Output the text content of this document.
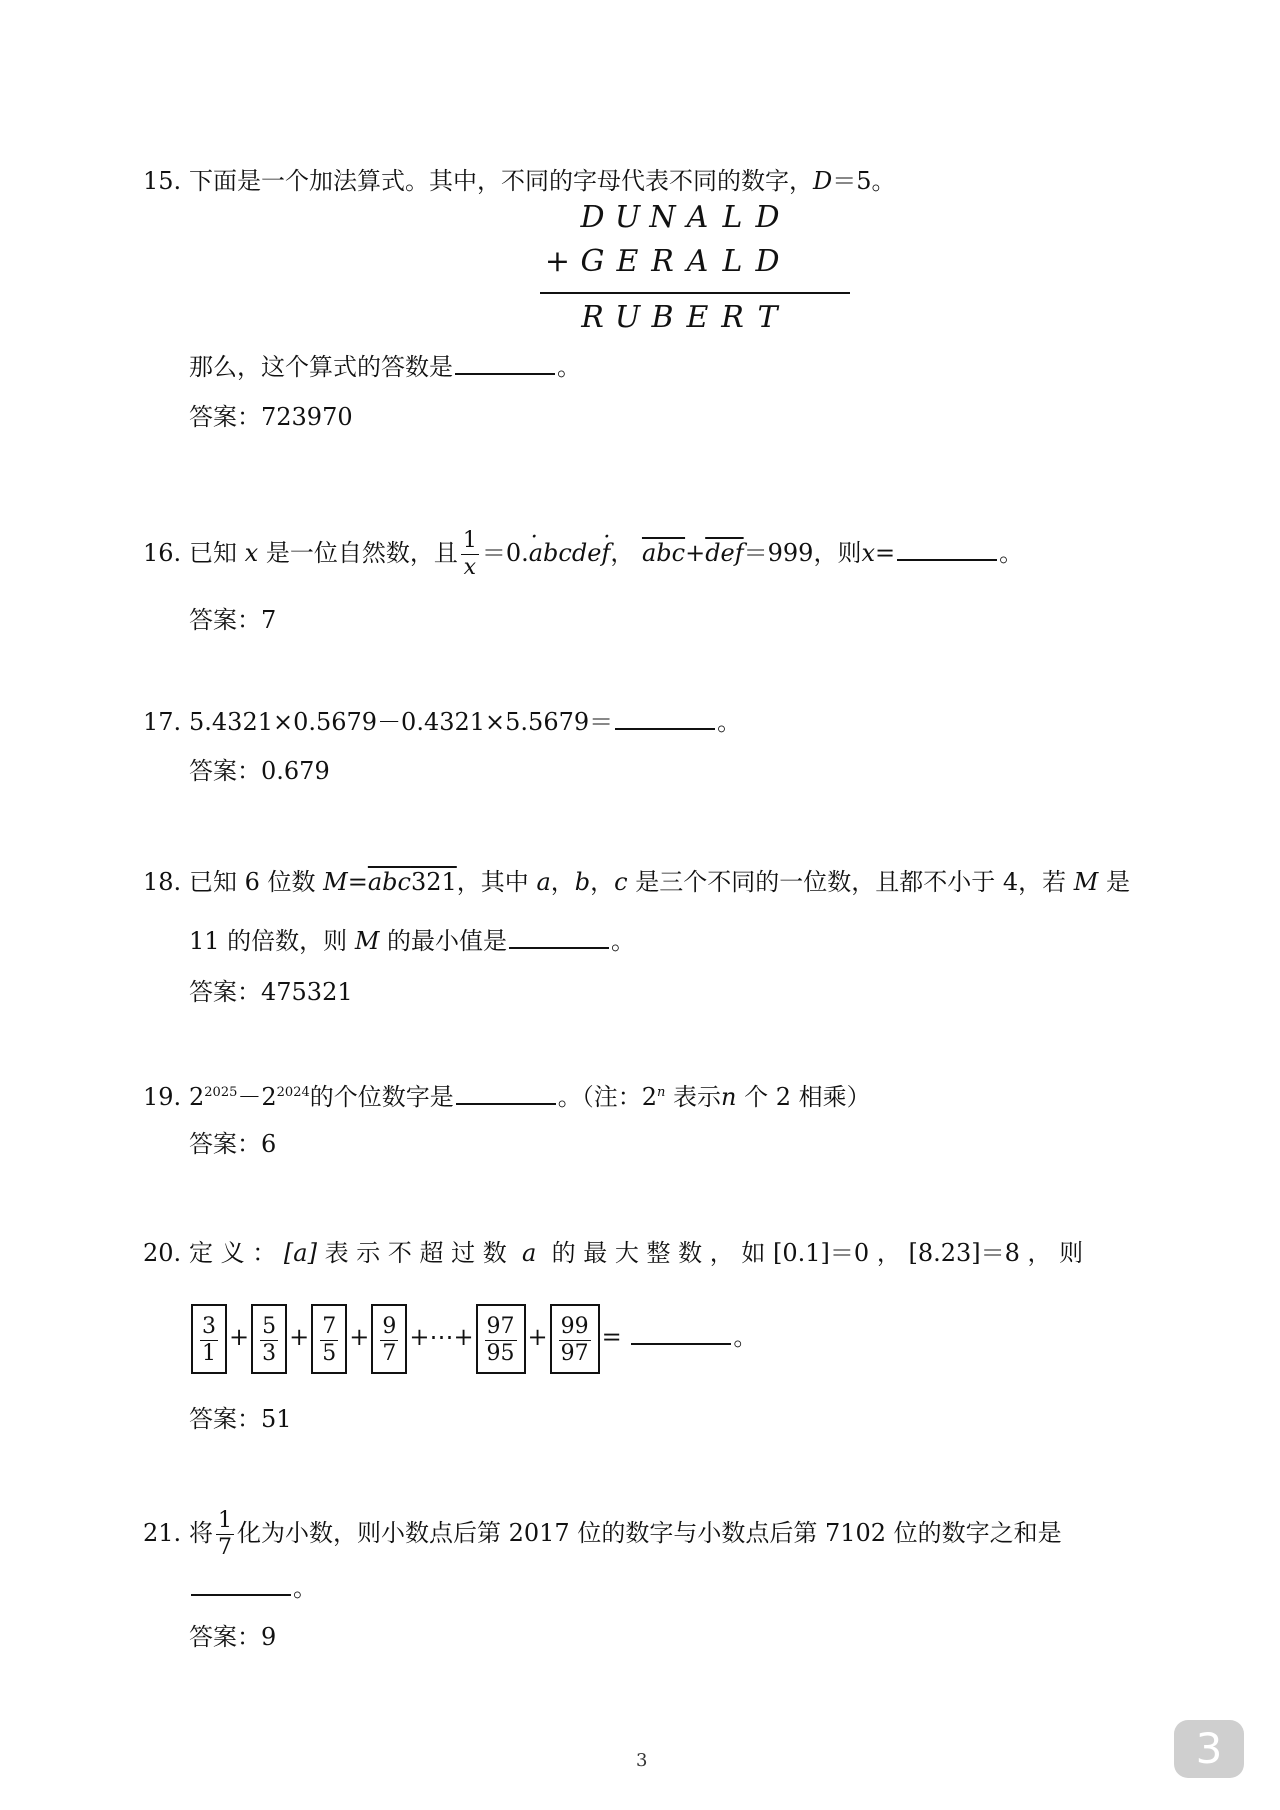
15. 下面是一个加法算式。其中，不同的字母代表不同的数字，D＝5。
D U N A L D
+ G E R A L D
R U B E R T
那么，这个算式的答数是	。
答案：723970
16. 已知 x 是一位自然数，且 $\frac{1}{x} =0.a$ ·bcdef ·， $\overline{abc}+\overline{def}=999$，则x=	。
答案：7
17. 5.4321×0.5679－0.4321×5.5679＝	。
答案：0.679
18. 已知 6 位数 M=abc321，其中 a，b，c 是三个不同的一位数，且都不小于 4，若 M 是
11 的倍数，则 M 的最小值是	。
答案：475321
19. $2^{2025}-2^{2024}$的个位数字是	。（注：2$^n$ 表示n 个 2 相乘）
答案：6
20. 定 义 ： [a] 表 示 不 超 过 数 a 的 最 大 整 数 ， 如 [0.1]＝0 ， [8.23]＝8 ， 则
$\frac{3}{1} + \frac{5}{3} + \frac{7}{5} + \frac{9}{7}$ +⋯+ $\frac{97}{95} + \frac{99}{97}$ =	。
答案：51
21. 将 $\frac{1}{7}$ 化为小数，则小数点后第 2017 位的数字与小数点后第 7102 位的数字之和是
。
答案：9
3	3
